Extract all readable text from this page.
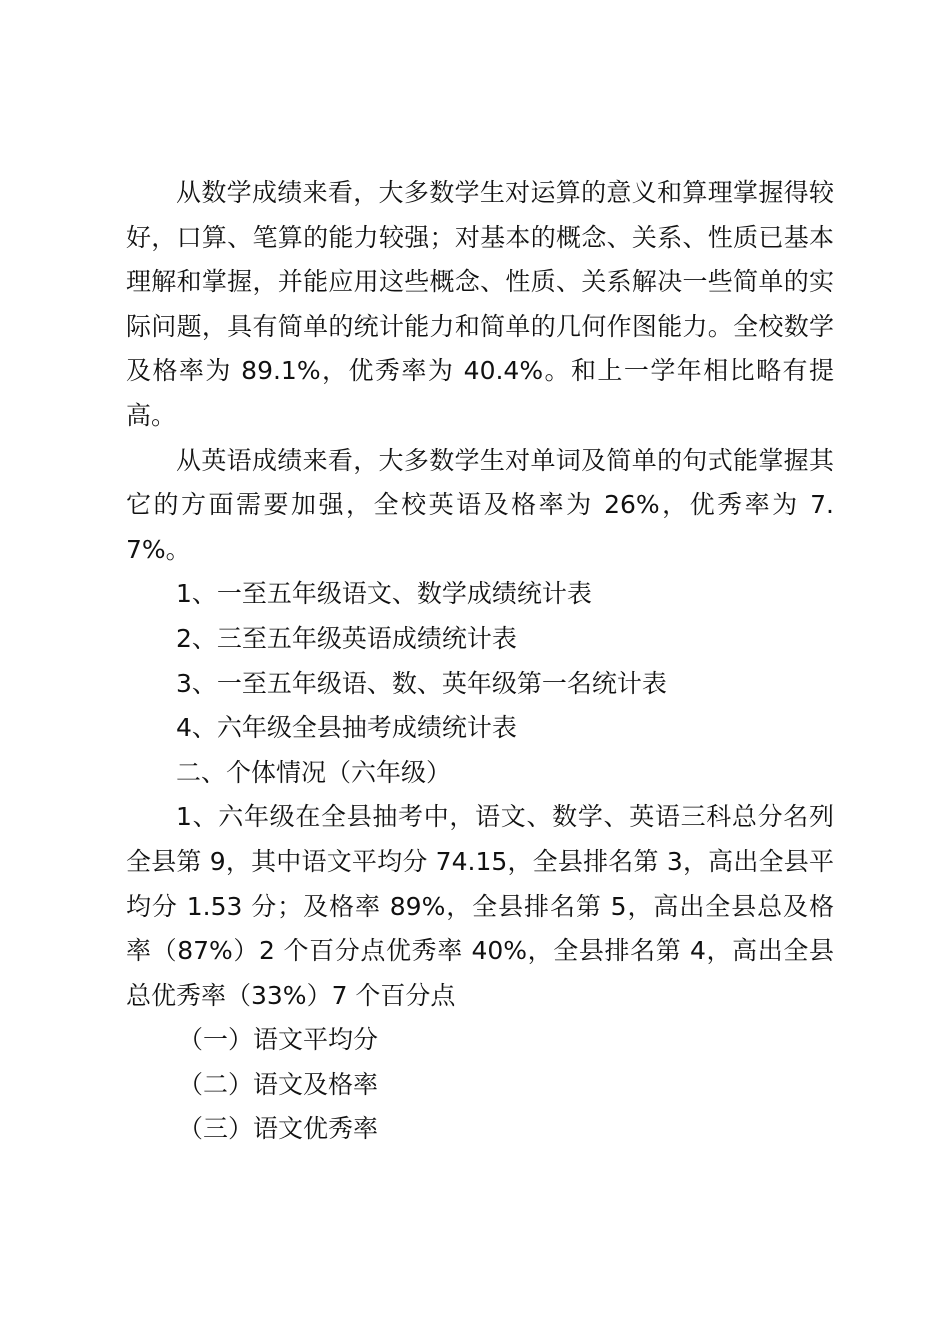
从数学成绩来看，大多数学生对运算的意义和算理掌握得较好，口算、笔算的能力较强；对基本的概念、关系、性质已基本理解和掌握，并能应用这些概念、性质、关系解决一些简单的实际问题，具有简单的统计能力和简单的几何作图能力。全校数学及格率为 89.1%，优秀率为 40.4%。和上一学年相比略有提高。

从英语成绩来看，大多数学生对单词及简单的句式能掌握其它的方面需要加强，全校英语及格率为 26%，优秀率为 7.7%。

1、一至五年级语文、数学成绩统计表

2、三至五年级英语成绩统计表

3、一至五年级语、数、英年级第一名统计表

4、六年级全县抽考成绩统计表

二、个体情况（六年级）

1、六年级在全县抽考中，语文、数学、英语三科总分名列全县第 9，其中语文平均分 74.15，全县排名第 3，高出全县平均分 1.53 分；及格率 89%，全县排名第 5，高出全县总及格率（87%）2 个百分点优秀率 40%，全县排名第 4，高出全县总优秀率（33%）7 个百分点

（一）语文平均分

（二）语文及格率

（三）语文优秀率
